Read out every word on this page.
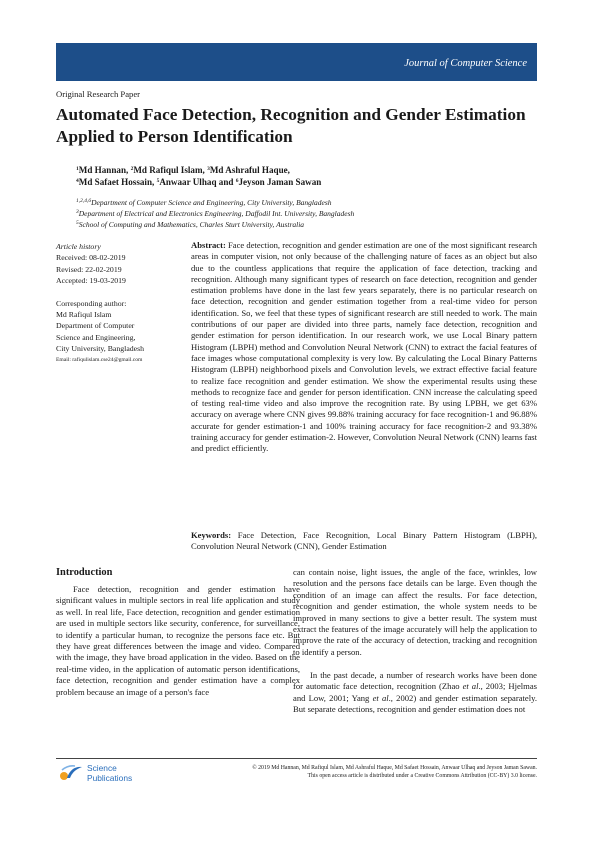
Journal of Computer Science
Original Research Paper
Automated Face Detection, Recognition and Gender Estimation Applied to Person Identification
$^1$Md Hannan, $^2$Md Rafiqul Islam, $^3$Md Ashraful Haque,
$^4$Md Safaet Hossain, $^5$Anwaar Ulhaq and $^6$Jeyson Jaman Sawan
$^{1,2,4,6}$Department of Computer Science and Engineering, City University, Bangladesh
$^3$Department of Electrical and Electronics Engineering, Daffodil Int. University, Bangladesh
$^5$School of Computing and Mathematics, Charles Sturt University, Australia
Article history
Received: 08-02-2019
Revised: 22-02-2019
Accepted: 19-03-2019
Corresponding author:
Md Rafiqul Islam
Department of Computer
Science and Engineering,
City University, Bangladesh
Email: rafiqulislam.cse24@gmail.com

Abstract: Face detection, recognition and gender estimation are one of the most significant research areas in computer vision, not only because of the challenging nature of faces as an object but also due to the countless applications that require the application of face detection, tracking and recognition. Although many significant types of research on face detection, recognition and gender estimation problems have done in the last few years separately, there is no particular research on face detection, recognition and gender estimation together from a real-time video for person identification. So, we feel that these types of significant research are still needed to work. The main contributions of our paper are divided into three parts, namely face detection, recognition and gender estimation for person identification. In our research work, we use Local Binary pattern Histogram (LBPH) method and Convolution Neural Network (CNN) to extract the facial features of face images whose computational complexity is very low. By calculating the Local Binary Patterns Histogram (LBPH) neighborhood pixels and Convolution levels, we extract effective facial feature to realize face recognition and gender estimation. We show the experimental results using these methods to recognize face and gender for person identification. CNN increase the calculating speed of testing real-time video and also improve the recognition rate. By using LPBH, we get 63% accuracy on average where CNN gives 99.88% training accuracy for face recognition-1 and 96.88% accurate for gender estimation-1 and 100% training accuracy for face recognition-2 and 93.38% training accuracy for gender estimation-2. However, Convolution Neural Network (CNN) learns fast and predict efficiently.

Keywords: Face Detection, Face Recognition, Local Binary Pattern Histogram (LBPH), Convolution Neural Network (CNN), Gender Estimation

Introduction

Face detection, recognition and gender estimation have significant values in multiple sectors in real life application and study as well. In real life, Face detection, recognition and gender estimation are used in multiple sectors like security, conference, for surveillance, to identify a particular human, to recognize the persons face etc. But they have great differences between the image and video. Compared with the image, they have broad application in the video. Based on the real-time video, in the application of automatic person identifications, face detection, recognition and gender estimation have a complex problem because an image of a person's face

can contain noise, light issues, the angle of the face, wrinkles, low resolution and the persons face details can be large. Even though the condition of an image can affect the results. For face detection, recognition and gender estimation, the whole system needs to be improved in many sections to give a better result. The system must extract the features of the image accurately will help the application to improve the rate of the accuracy of detection, tracking and recognition to identify a person.

In the past decade, a number of research works have been done for automatic face detection, recognition (Zhao et al., 2003; Hjelmas and Low, 2001; Yang et al., 2002) and gender estimation separately. But separate detections, recognition and gender estimation does not

Science
Publications
© 2019 Md Hannan, Md Rafiqul Islam, Md Ashraful Haque, Md Safaet Hossain, Anwaar Ulhaq and Jeyson Jaman Sawan.
This open access article is distributed under a Creative Commons Attribution (CC-BY) 3.0 license.
